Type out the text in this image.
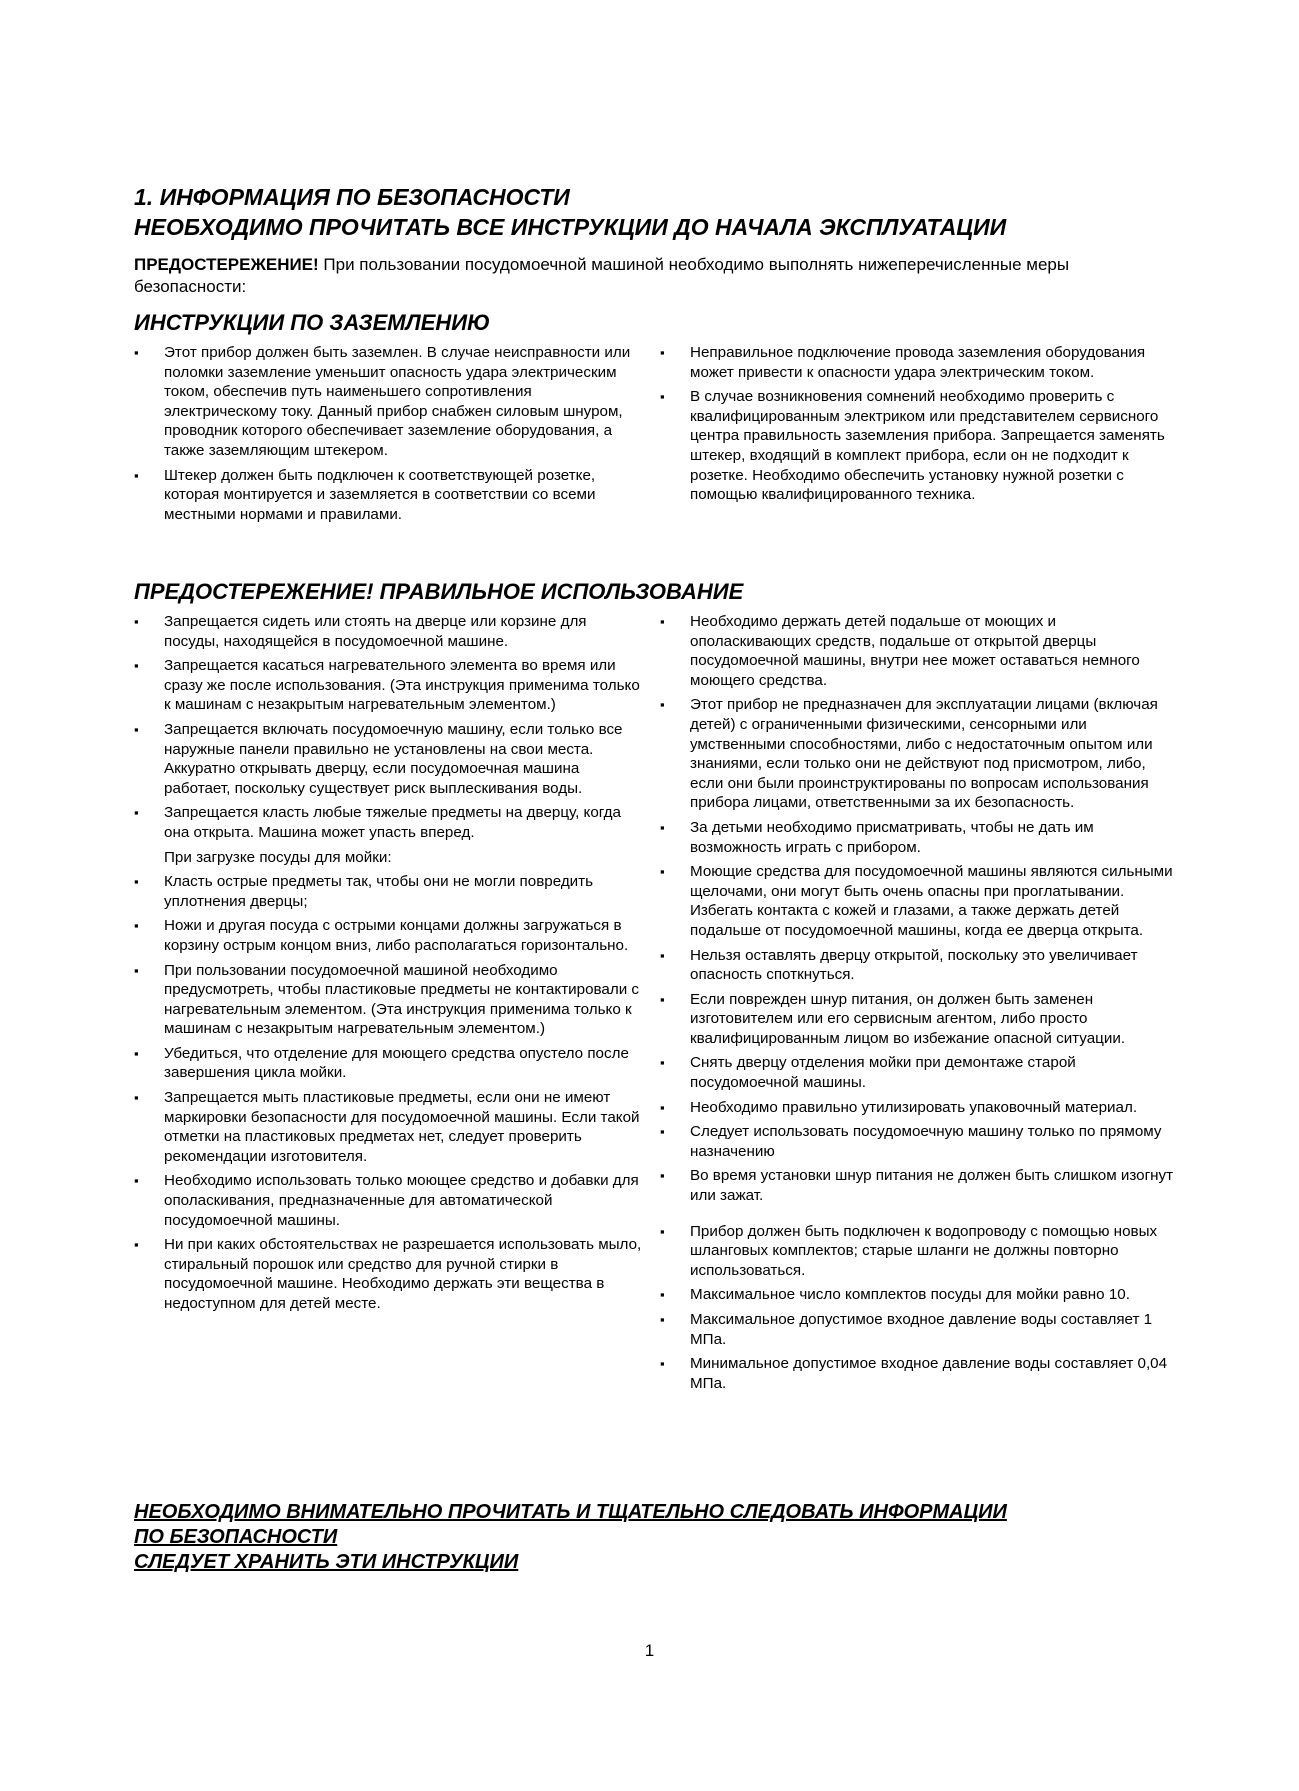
1. ИНФОРМАЦИЯ ПО БЕЗОПАСНОСТИ
НЕОБХОДИМО ПРОЧИТАТЬ ВСЕ ИНСТРУКЦИИ ДО НАЧАЛА ЭКСПЛУАТАЦИИ

ПРЕДОСТЕРЕЖЕНИЕ! При пользовании посудомоечной машиной необходимо выполнять нижеперечисленные меры безопасности:

ИНСТРУКЦИИ ПО ЗАЗЕМЛЕНИЮ
▪ Этот прибор должен быть заземлен. В случае неисправности или поломки заземление уменьшит опасность удара электрическим током, обеспечив путь наименьшего сопротивления электрическому току. Данный прибор снабжен силовым шнуром, проводник которого обеспечивает заземление оборудования, а также заземляющим штекером.
▪ Штекер должен быть подключен к соответствующей розетке, которая монтируется и заземляется в соответствии со всеми местными нормами и правилами.
▪ Неправильное подключение провода заземления оборудования может привести к опасности удара электрическим током.
▪ В случае возникновения сомнений необходимо проверить с квалифицированным электриком или представителем сервисного центра правильность заземления прибора. Запрещается заменять штекер, входящий в комплект прибора, если он не подходит к розетке. Необходимо обеспечить установку нужной розетки с помощью квалифицированного техника.
ПРЕДОСТЕРЕЖЕНИЕ! ПРАВИЛЬНОЕ ИСПОЛЬЗОВАНИЕ
▪ Запрещается сидеть или стоять на дверце или корзине для посуды, находящейся в посудомоечной машине.
▪ Запрещается касаться нагревательного элемента во время или сразу же после использования. (Эта инструкция применима только к машинам с незакрытым нагревательным элементом.)
▪ Запрещается включать посудомоечную машину, если только все наружные панели правильно не установлены на свои места. Аккуратно открывать дверцу, если посудомоечная машина работает, поскольку существует риск выплескивания воды.
▪ Запрещается класть любые тяжелые предметы на дверцу, когда она открыта. Машина может упасть вперед.
При загрузке посуды для мойки:
▪ Класть острые предметы так, чтобы они не могли повредить уплотнения дверцы;
▪ Ножи и другая посуда с острыми концами должны загружаться в корзину острым концом вниз, либо располагаться горизонтально.
▪ При пользовании посудомоечной машиной необходимо предусмотреть, чтобы пластиковые предметы не контактировали с нагревательным элементом. (Эта инструкция применима только к машинам с незакрытым нагревательным элементом.)
▪ Убедиться, что отделение для моющего средства опустело после завершения цикла мойки.
▪ Запрещается мыть пластиковые предметы, если они не имеют маркировки безопасности для посудомоечной машины. Если такой отметки на пластиковых предметах нет, следует проверить рекомендации изготовителя.
▪ Необходимо использовать только моющее средство и добавки для ополаскивания, предназначенные для автоматической посудомоечной машины.
▪ Ни при каких обстоятельствах не разрешается использовать мыло, стиральный порошок или средство для ручной стирки в посудомоечной машине. Необходимо держать эти вещества в недоступном для детей месте.
▪ Необходимо держать детей подальше от моющих и ополаскивающих средств, подальше от открытой дверцы посудомоечной машины, внутри нее может оставаться немного моющего средства.
▪ Этот прибор не предназначен для эксплуатации лицами (включая детей) с ограниченными физическими, сенсорными или умственными способностями, либо с недостаточным опытом или знаниями, если только они не действуют под присмотром, либо, если они были проинструктированы по вопросам использования прибора лицами, ответственными за их безопасность.
▪ За детьми необходимо присматривать, чтобы не дать им возможность играть с прибором.
▪ Моющие средства для посудомоечной машины являются сильными щелочами, они могут быть очень опасны при проглатывании. Избегать контакта с кожей и глазами, а также держать детей подальше от посудомоечной машины, когда ее дверца открыта.
▪ Нельзя оставлять дверцу открытой, поскольку это увеличивает опасность споткнуться.
▪ Если поврежден шнур питания, он должен быть заменен изготовителем или его сервисным агентом, либо просто квалифицированным лицом во избежание опасной ситуации.
▪ Снять дверцу отделения мойки при демонтаже старой посудомоечной машины.
▪ Необходимо правильно утилизировать упаковочный материал.
▪ Следует использовать посудомоечную машину только по прямому назначению
▪ Во время установки шнур питания не должен быть слишком изогнут или зажат.
▪ Прибор должен быть подключен к водопроводу с помощью новых шланговых комплектов; старые шланги не должны повторно использоваться.
▪ Максимальное число комплектов посуды для мойки равно 10.
▪ Максимальное допустимое входное давление воды составляет 1 МПа.
▪ Минимальное допустимое входное давление воды составляет 0,04 МПа.

НЕОБХОДИМО ВНИМАТЕЛЬНО ПРОЧИТАТЬ И ТЩАТЕЛЬНО СЛЕДОВАТЬ ИНФОРМАЦИИ

ПО БЕЗОПАСНОСТИ

СЛЕДУЕТ ХРАНИТЬ ЭТИ ИНСТРУКЦИИ

1
